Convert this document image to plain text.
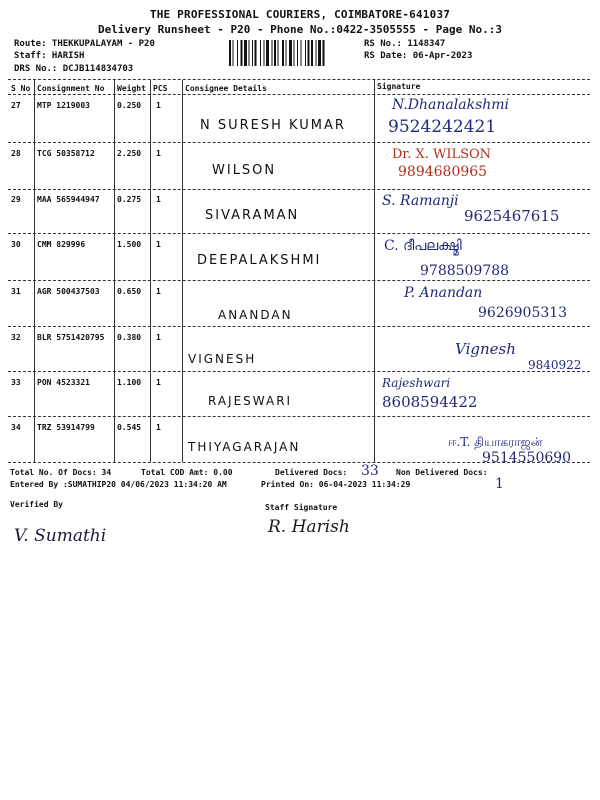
THE PROFESSIONAL COURIERS, COIMBATORE-641037
Delivery Runsheet - P20 - Phone No.:0422-3505555 - Page No.:3
Route: THEKKUPALAYAM - P20
Staff: HARISH
DRS No.: DCJB114834703
RS No.: 1148347
RS Date: 06-Apr-2023
S No Consignment No Weight PCS Consignee Details	Signature
27 MTP 1219003	0.250 1
N SURESH KUMAR
N.Dhanalakshmi
9524242421
28 TCG 50358712	2.250 1
WILSON
Dr. X. WILSON
9894680965
29 MAA 565944947 0.275 1
SIVARAMAN
S. Ramanji
9625467615
30 CMM 829996	1.500 1
DEEPALAKSHMI
C. ദീപലക്ഷ്മി
9788509788
31 AGR 500437503 0.650 1
ANANDAN
P. Anandan
9626905313
32 BLR 5751420795 0.380 1
VIGNESH
Vignesh
9840922
33 PON 4523321	1.100 1
RAJESWARI
Rajeshwari
8608594422
34 TRZ 53914799	0.545 1
THIYAGARAJAN	ஈ.T. தியாகராஜன்
9514550690
Total No. Of Docs: 34	Total COD Amt: 0.00	Delivered Docs: 33 Non Delivered Docs:
1
Entered By :SUMATHIP20 04/06/2023 11:34:20 AM	Printed On: 06-04-2023 11:34:29
Verified By	Staff Signature
V. Sumathi	R. Harish
